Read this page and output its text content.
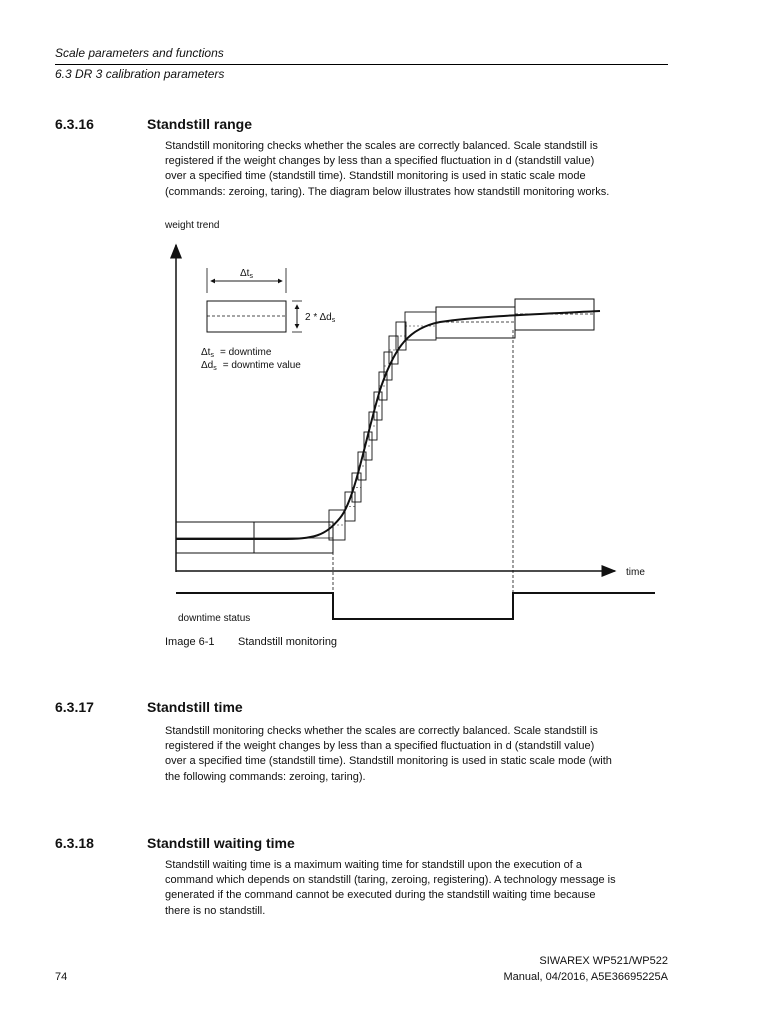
Scale parameters and functions
6.3 DR 3 calibration parameters
6.3.16	Standstill range

Standstill monitoring checks whether the scales are correctly balanced. Scale standstill is
registered if the weight changes by less than a specified fluctuation in d (standstill value)
over a specified time (standstill time). Standstill monitoring is used in static scale mode
(commands: zeroing, taring). The diagram below illustrates how standstill monitoring works.

weight trend
time
$\Delta t_s$
$2 * \Delta d_s$
$\Delta t_s$ = downtime
$\Delta d_s$ = downtime value
downtime status
Image 6-1 Standstill monitoring
6.3.17	Standstill time

Standstill monitoring checks whether the scales are correctly balanced. Scale standstill is
registered if the weight changes by less than a specified fluctuation in d (standstill value)
over a specified time (standstill time). Standstill monitoring is used in static scale mode (with
the following commands: zeroing, taring).

6.3.18	Standstill waiting time

Standstill waiting time is a maximum waiting time for standstill upon the execution of a
command which depends on standstill (taring, zeroing, registering). A technology message is
generated if the command cannot be executed during the standstill waiting time because
there is no standstill.

SIWAREX WP521/WP522
Manual, 04/2016, A5E36695225A
74
